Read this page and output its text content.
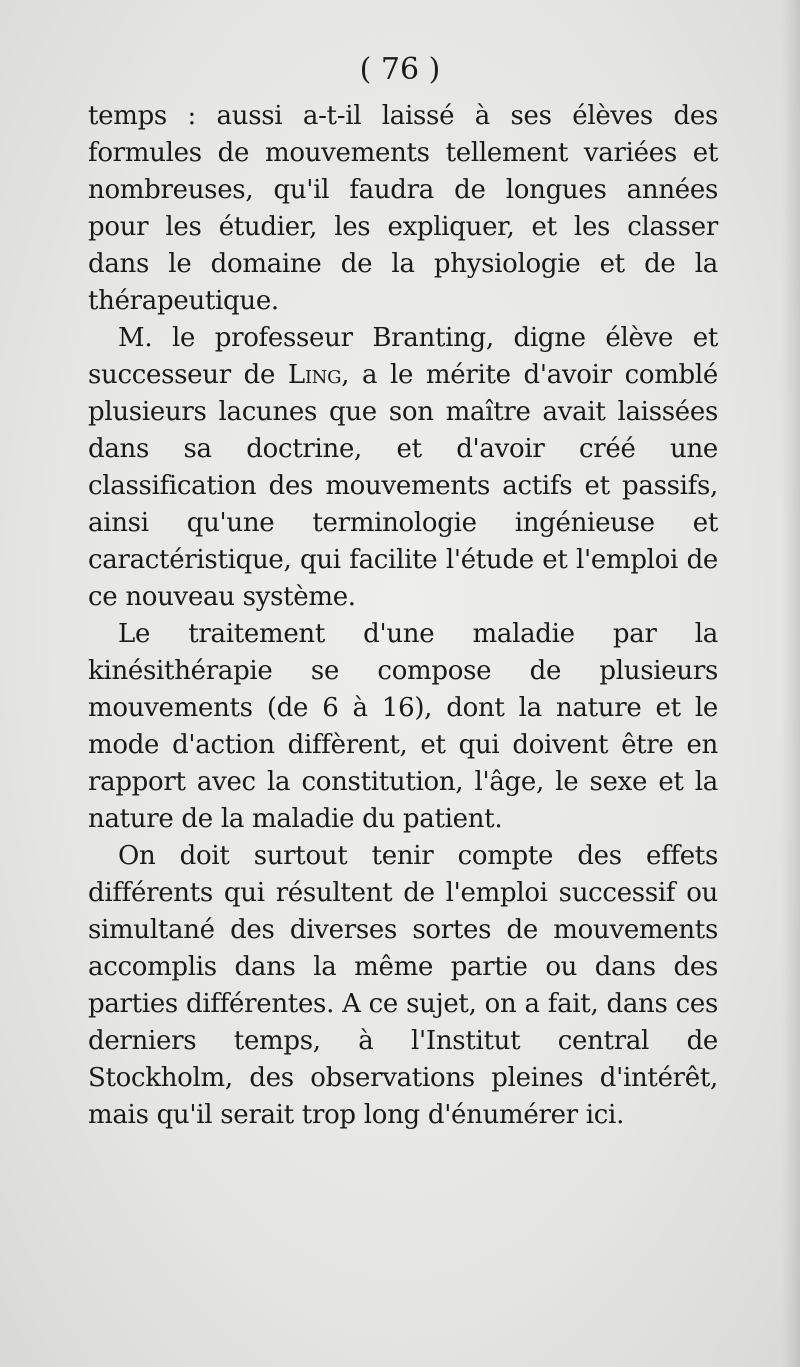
( 76 )

temps : aussi a-t-il laissé à ses élèves des formules de mouvements tellement variées et nombreuses, qu'il faudra de longues années pour les étudier, les expliquer, et les classer dans le domaine de la physiologie et de la thérapeutique.

M. le professeur Branting, digne élève et successeur de Ling, a le mérite d'avoir comblé plusieurs lacunes que son maître avait laissées dans sa doctrine, et d'avoir créé une classification des mouvements actifs et passifs, ainsi qu'une terminologie ingénieuse et caractéristique, qui facilite l'étude et l'emploi de ce nouveau système.

Le traitement d'une maladie par la kinésithérapie se compose de plusieurs mouvements (de 6 à 16), dont la nature et le mode d'action diffèrent, et qui doivent être en rapport avec la constitution, l'âge, le sexe et la nature de la maladie du patient.

On doit surtout tenir compte des effets différents qui résultent de l'emploi successif ou simultané des diverses sortes de mouvements accomplis dans la même partie ou dans des parties différentes. A ce sujet, on a fait, dans ces derniers temps, à l'Institut central de Stockholm, des observations pleines d'intérêt, mais qu'il serait trop long d'énumérer ici.
